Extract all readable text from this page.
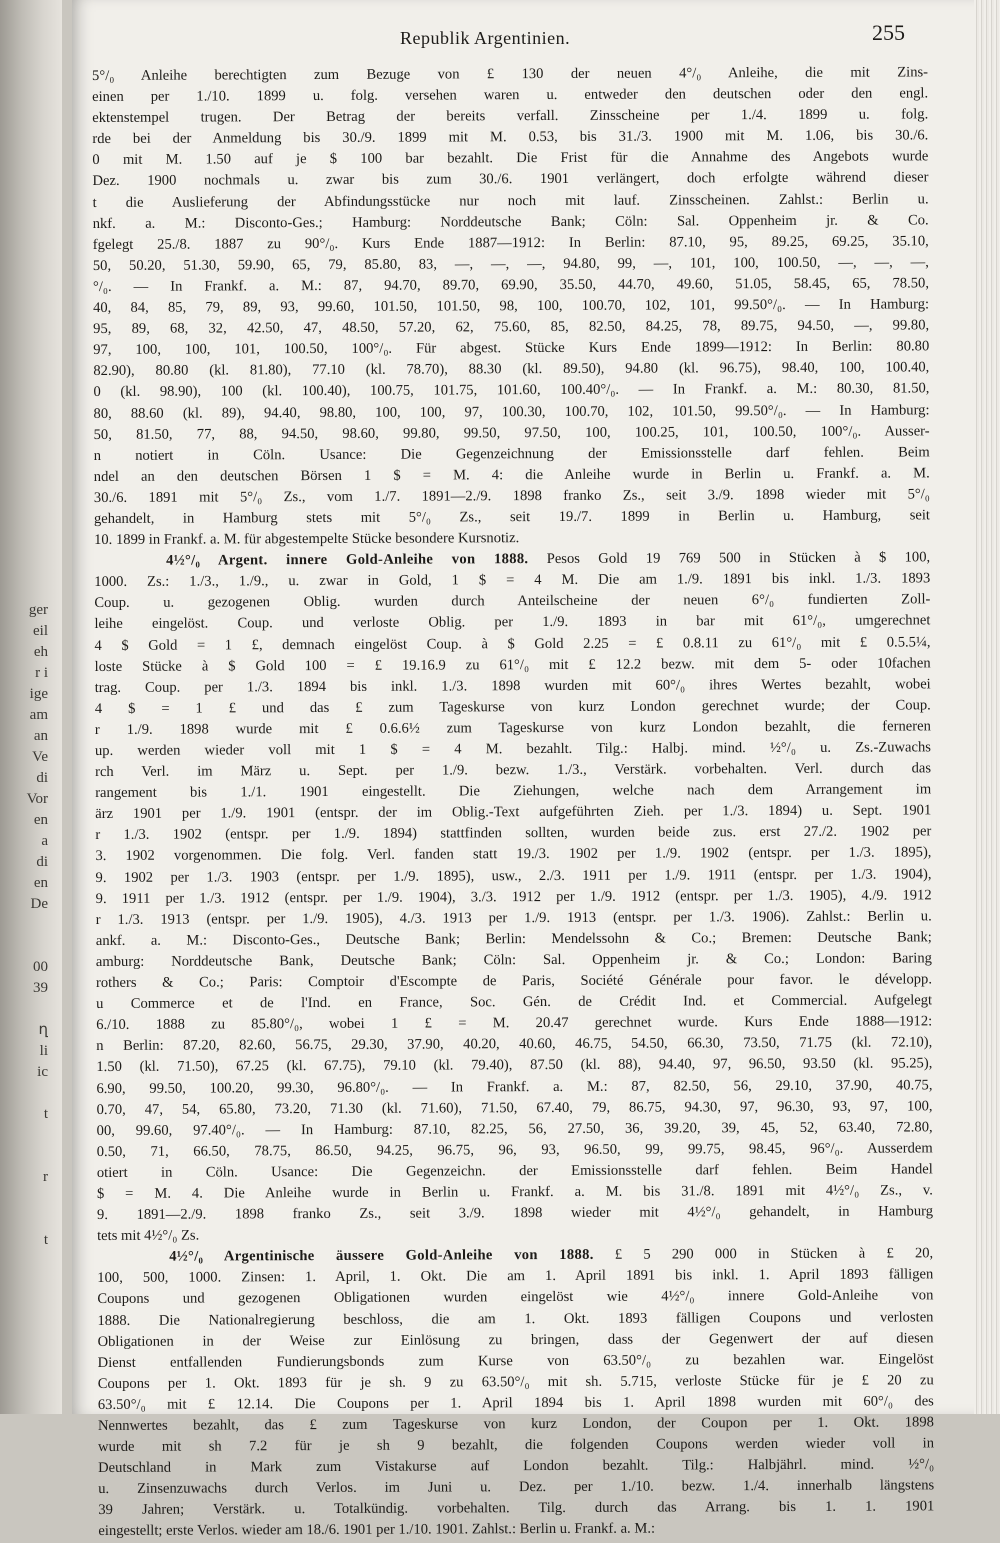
ger
eil
eh
r i
ige
am
an
Ve
di
Vor
en
a
di
en
De
00
39
ղ
li
ic
t
r
t
Republik Argentinien.	255
5°/₀ Anleihe berechtigten zum Bezuge von £ 130 der neuen 4°/₀ Anleihe, die mit Zins-
einen per 1./10. 1899 u. folg. versehen waren u. entweder den deutschen oder den engl.
ektenstempel trugen. Der Betrag der bereits verfall. Zinsscheine per 1./4. 1899 u. folg.
rde bei der Anmeldung bis 30./9. 1899 mit M. 0.53, bis 31./3. 1900 mit M. 1.06, bis 30./6.
0 mit M. 1.50 auf je $ 100 bar bezahlt. Die Frist für die Annahme des Angebots wurde
Dez. 1900 nochmals u. zwar bis zum 30./6. 1901 verlängert, doch erfolgte während dieser
t die Auslieferung der Abfindungsstücke nur noch mit lauf. Zinsscheinen. Zahlst.: Berlin u.
nkf. a. M.: Disconto-Ges.; Hamburg: Norddeutsche Bank; Cöln: Sal. Oppenheim jr. & Co.
fgelegt 25./8. 1887 zu 90°/₀. Kurs Ende 1887—1912: In Berlin: 87.10, 95, 89.25, 69.25, 35.10,
50, 50.20, 51.30, 59.90, 65, 79, 85.80, 83, —, —, —, 94.80, 99, —, 101, 100, 100.50, —, —, —,
°/₀. — In Frankf. a. M.: 87, 94.70, 89.70, 69.90, 35.50, 44.70, 49.60, 51.05, 58.45, 65, 78.50,
40, 84, 85, 79, 89, 93, 99.60, 101.50, 101.50, 98, 100, 100.70, 102, 101, 99.50°/₀. — In Hamburg:
95, 89, 68, 32, 42.50, 47, 48.50, 57.20, 62, 75.60, 85, 82.50, 84.25, 78, 89.75, 94.50, —, 99.80,
97, 100, 100, 101, 100.50, 100°/₀. Für abgest. Stücke Kurs Ende 1899—1912: In Berlin: 80.80
82.90), 80.80 (kl. 81.80), 77.10 (kl. 78.70), 88.30 (kl. 89.50), 94.80 (kl. 96.75), 98.40, 100, 100.40,
0 (kl. 98.90), 100 (kl. 100.40), 100.75, 101.75, 101.60, 100.40°/₀. — In Frankf. a. M.: 80.30, 81.50,
80, 88.60 (kl. 89), 94.40, 98.80, 100, 100, 97, 100.30, 100.70, 102, 101.50, 99.50°/₀. — In Hamburg:
50, 81.50, 77, 88, 94.50, 98.60, 99.80, 99.50, 97.50, 100, 100.25, 101, 100.50, 100°/₀. Ausser-
n notiert in Cöln. Usance: Die Gegenzeichnung der Emissionsstelle darf fehlen. Beim
ndel an den deutschen Börsen 1 $ = M. 4: die Anleihe wurde in Berlin u. Frankf. a. M.
30./6. 1891 mit 5°/₀ Zs., vom 1./7. 1891—2./9. 1898 franko Zs., seit 3./9. 1898 wieder mit 5°/₀
gehandelt, in Hamburg stets mit 5°/₀ Zs., seit 19./7. 1899 in Berlin u. Hamburg, seit
10. 1899 in Frankf. a. M. für abgestempelte Stücke besondere Kursnotiz.
4½°/₀ Argent. innere Gold-Anleihe von 1888. Pesos Gold 19 769 500 in Stücken à $ 100,
1000. Zs.: 1./3., 1./9., u. zwar in Gold, 1 $ = 4 M. Die am 1./9. 1891 bis inkl. 1./3. 1893
Coup. u. gezogenen Oblig. wurden durch Anteilscheine der neuen 6°/₀ fundierten Zoll-
leihe eingelöst. Coup. und verloste Oblig. per 1./9. 1893 in bar mit 61°/₀, umgerechnet
4 $ Gold = 1 £, demnach eingelöst Coup. à $ Gold 2.25 = £ 0.8.11 zu 61°/₀ mit £ 0.5.5¼,
loste Stücke à $ Gold 100 = £ 19.16.9 zu 61°/₀ mit £ 12.2 bezw. mit dem 5- oder 10fachen
trag. Coup. per 1./3. 1894 bis inkl. 1./3. 1898 wurden mit 60°/₀ ihres Wertes bezahlt, wobei
4 $ = 1 £ und das £ zum Tageskurse von kurz London gerechnet wurde; der Coup.
r 1./9. 1898 wurde mit £ 0.6.6½ zum Tageskurse von kurz London bezahlt, die ferneren
up. werden wieder voll mit 1 $ = 4 M. bezahlt. Tilg.: Halbj. mind. ½°/₀ u. Zs.-Zuwachs
rch Verl. im März u. Sept. per 1./9. bezw. 1./3., Verstärk. vorbehalten. Verl. durch das
rangement bis 1./1. 1901 eingestellt. Die Ziehungen, welche nach dem Arrangement im
ärz 1901 per 1./9. 1901 (entspr. der im Oblig.-Text aufgeführten Zieh. per 1./3. 1894) u. Sept. 1901
r 1./3. 1902 (entspr. per 1./9. 1894) stattfinden sollten, wurden beide zus. erst 27./2. 1902 per
3. 1902 vorgenommen. Die folg. Verl. fanden statt 19./3. 1902 per 1./9. 1902 (entspr. per 1./3. 1895),
9. 1902 per 1./3. 1903 (entspr. per 1./9. 1895), usw., 2./3. 1911 per 1./9. 1911 (entspr. per 1./3. 1904),
9. 1911 per 1./3. 1912 (entspr. per 1./9. 1904), 3./3. 1912 per 1./9. 1912 (entspr. per 1./3. 1905), 4./9. 1912
r 1./3. 1913 (entspr. per 1./9. 1905), 4./3. 1913 per 1./9. 1913 (entspr. per 1./3. 1906). Zahlst.: Berlin u.
ankf. a. M.: Disconto-Ges., Deutsche Bank; Berlin: Mendelssohn & Co.; Bremen: Deutsche Bank;
amburg: Norddeutsche Bank, Deutsche Bank; Cöln: Sal. Oppenheim jr. & Co.; London: Baring
rothers & Co.; Paris: Comptoir d'Escompte de Paris, Société Générale pour favor. le développ.
u Commerce et de l'Ind. en France, Soc. Gén. de Crédit Ind. et Commercial. Aufgelegt
6./10. 1888 zu 85.80°/₀, wobei 1 £ = M. 20.47 gerechnet wurde. Kurs Ende 1888—1912:
n Berlin: 87.20, 82.60, 56.75, 29.30, 37.90, 40.20, 40.60, 46.75, 54.50, 66.30, 73.50, 71.75 (kl. 72.10),
1.50 (kl. 71.50), 67.25 (kl. 67.75), 79.10 (kl. 79.40), 87.50 (kl. 88), 94.40, 97, 96.50, 93.50 (kl. 95.25),
6.90, 99.50, 100.20, 99.30, 96.80°/₀. — In Frankf. a. M.: 87, 82.50, 56, 29.10, 37.90, 40.75,
0.70, 47, 54, 65.80, 73.20, 71.30 (kl. 71.60), 71.50, 67.40, 79, 86.75, 94.30, 97, 96.30, 93, 97, 100,
00, 99.60, 97.40°/₀. — In Hamburg: 87.10, 82.25, 56, 27.50, 36, 39.20, 39, 45, 52, 63.40, 72.80,
0.50, 71, 66.50, 78.75, 86.50, 94.25, 96.75, 96, 93, 96.50, 99, 99.75, 98.45, 96°/₀. Ausserdem
otiert in Cöln. Usance: Die Gegenzeichn. der Emissionsstelle darf fehlen. Beim Handel
$ = M. 4. Die Anleihe wurde in Berlin u. Frankf. a. M. bis 31./8. 1891 mit 4½°/₀ Zs., v.
9. 1891—2./9. 1898 franko Zs., seit 3./9. 1898 wieder mit 4½°/₀ gehandelt, in Hamburg
tets mit 4½°/₀ Zs.
4½°/₀ Argentinische äussere Gold-Anleihe von 1888. £ 5 290 000 in Stücken à £ 20,
100, 500, 1000. Zinsen: 1. April, 1. Okt. Die am 1. April 1891 bis inkl. 1. April 1893 fälligen
Coupons und gezogenen Obligationen wurden eingelöst wie 4½°/₀ innere Gold-Anleihe von
1888. Die Nationalregierung beschloss, die am 1. Okt. 1893 fälligen Coupons und verlosten
Obligationen in der Weise zur Einlösung zu bringen, dass der Gegenwert der auf diesen
Dienst entfallenden Fundierungsbonds zum Kurse von 63.50°/₀ zu bezahlen war. Eingelöst
Coupons per 1. Okt. 1893 für je sh. 9 zu 63.50°/₀ mit sh. 5.715, verloste Stücke für je £ 20 zu
63.50°/₀ mit £ 12.14. Die Coupons per 1. April 1894 bis 1. April 1898 wurden mit 60°/₀ des
Nennwertes bezahlt, das £ zum Tageskurse von kurz London, der Coupon per 1. Okt. 1898
wurde mit sh 7.2 für je sh 9 bezahlt, die folgenden Coupons werden wieder voll in
Deutschland in Mark zum Vistakurse auf London bezahlt. Tilg.: Halbjährl. mind. ½°/₀
u. Zinsenzuwachs durch Verlos. im Juni u. Dez. per 1./10. bezw. 1./4. innerhalb längstens
39 Jahren; Verstärk. u. Totalkündig. vorbehalten. Tilg. durch das Arrang. bis 1. 1. 1901
eingestellt; erste Verlos. wieder am 18./6. 1901 per 1./10. 1901. Zahlst.: Berlin u. Frankf. a. M.:
